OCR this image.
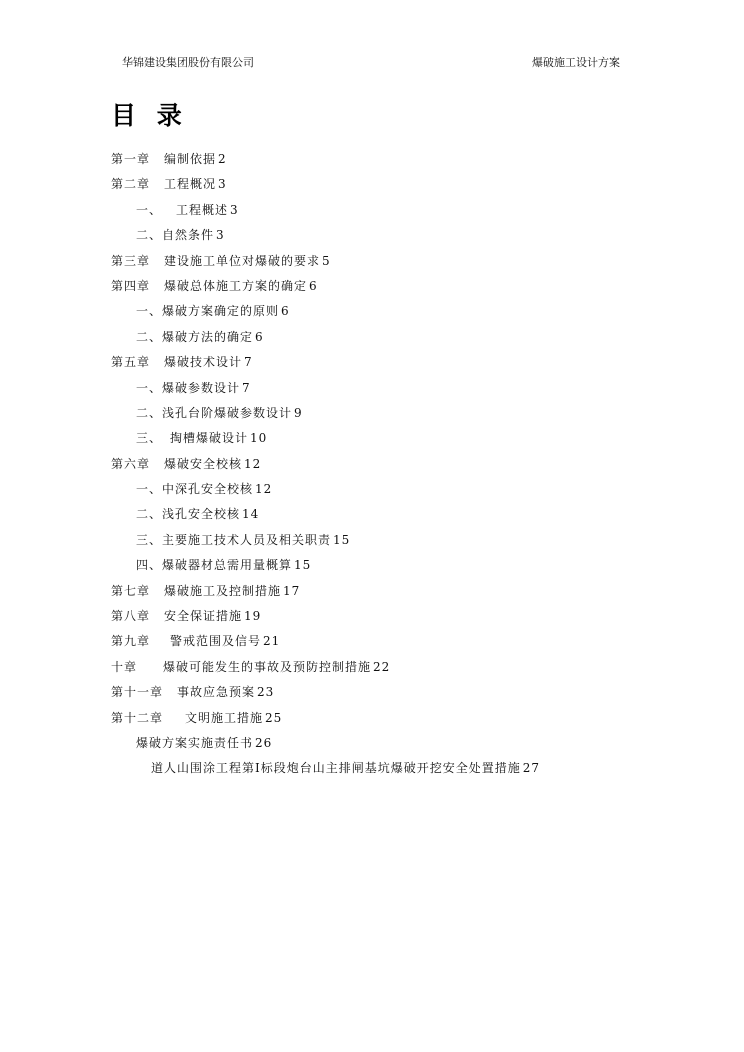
华锦建设集团股份有限公司	爆破施工设计方案
目 录
第一章 编制依据 2
第二章 工程概况 3
一、 工程概述 3
二、自然条件 3
第三章 建设施工单位对爆破的要求 5
第四章 爆破总体施工方案的确定 6
一、爆破方案确定的原则 6
二、爆破方法的确定 6
第五章 爆破技术设计 7
一、爆破参数设计 7
二、浅孔台阶爆破参数设计 9
三、 掏槽爆破设计 10
第六章 爆破安全校核 12
一、中深孔安全校核 12
二、浅孔安全校核 14
三、主要施工技术人员及相关职责 15
四、爆破器材总需用量概算 15
第七章 爆破施工及控制措施 17
第八章 安全保证措施 19
第九章 警戒范围及信号 21
十章 爆破可能发生的事故及预防控制措施 22
第十一章 事故应急预案 23
第十二章 文明施工措施 25
爆破方案实施责任书 26
道人山围涂工程第Ⅰ标段炮台山主排闸基坑爆破开挖安全处置措施 27
